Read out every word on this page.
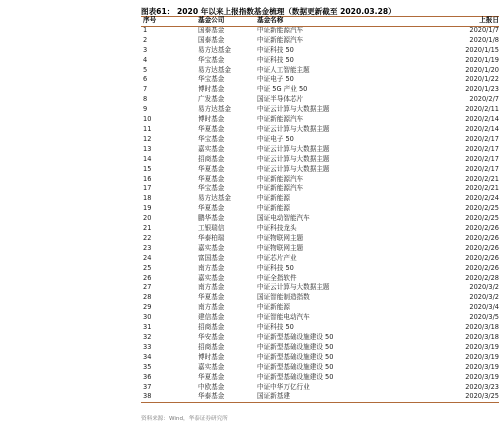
图表61： 2020 年以来上报指数基金梳理（数据更新截至 2020.03.28）
序号	基金公司	基金名称	上报日
1	国泰基金	中证新能源汽车	2020/1/7
2	国泰基金	中证新能源汽车	2020/1/8
3	易方达基金	中证科技 50	2020/1/15
4	华宝基金	中证科技 50	2020/1/19
5	易方达基金	中证人工智能主题	2020/1/20
6	华宝基金	中证电子 50	2020/1/22
7	博时基金	中证 5G 产业 50	2020/1/23
8	广发基金	国证半导体芯片	2020/2/7
9	易方达基金	中证云计算与大数据主题	2020/2/11
10	博时基金	中证新能源汽车	2020/2/14
11	华夏基金	中证云计算与大数据主题	2020/2/14
12	华宝基金	中证电子 50	2020/2/17
13	嘉实基金	中证云计算与大数据主题	2020/2/17
14	招商基金	中证云计算与大数据主题	2020/2/17
15	华夏基金	中证云计算与大数据主题	2020/2/17
16	华夏基金	中证新能源汽车	2020/2/21
17	华宝基金	中证新能源汽车	2020/2/21
18	易方达基金	中证新能源	2020/2/24
19	华夏基金	中证新能源	2020/2/25
20	鹏华基金	国证电动智能汽车	2020/2/25
21	工银瑞信	中证科技龙头	2020/2/26
22	华泰柏瑞	中证物联网主题	2020/2/26
23	嘉实基金	中证物联网主题	2020/2/26
24	富国基金	中证芯片产业	2020/2/26
25	南方基金	中证科技 50	2020/2/26
26	嘉实基金	中证全指软件	2020/2/28
27	南方基金	中证云计算与大数据主题	2020/3/2
28	华夏基金	国证智能制造指数	2020/3/2
29	南方基金	中证新能源	2020/3/4
30	建信基金	中证智能电动汽车	2020/3/5
31	招商基金	中证科技 50	2020/3/18
32	华安基金	中证新型基础设施建设 50	2020/3/18
33	招商基金	中证新型基础设施建设 50	2020/3/19
34	博时基金	中证新型基础设施建设 50	2020/3/19
35	嘉实基金	中证新型基础设施建设 50	2020/3/19
36	华夏基金	中证新型基础设施建设 50	2020/3/19
37	中欧基金	中证中华万亿行业	2020/3/23
38	华泰基金	国证新基建	2020/3/25
资料来源：Wind，华泰证券研究所
